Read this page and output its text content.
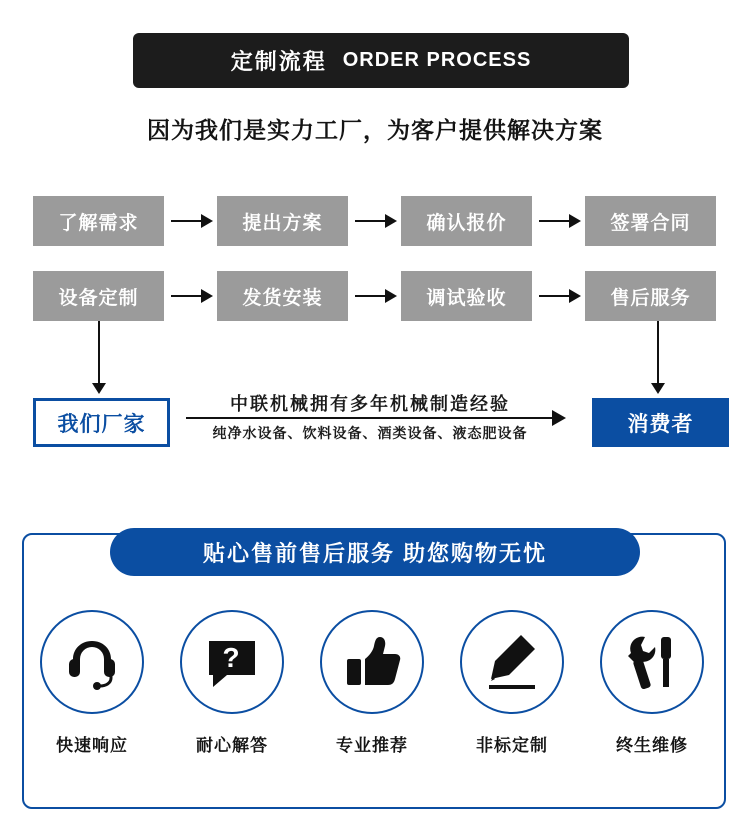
定制流程 ORDER PROCESS
因为我们是实力工厂，为客户提供解决方案
了解需求	提出方案	确认报价	签署合同
设备定制	发货安装	调试验收	售后服务
我们厂家
中联机械拥有多年机械制造经验
纯净水设备、饮料设备、酒类设备、液态肥设备	消费者
贴心售前售后服务 助您购物无忧
快速响应
?
耐心解答	专业推荐	非标定制	终生维修
